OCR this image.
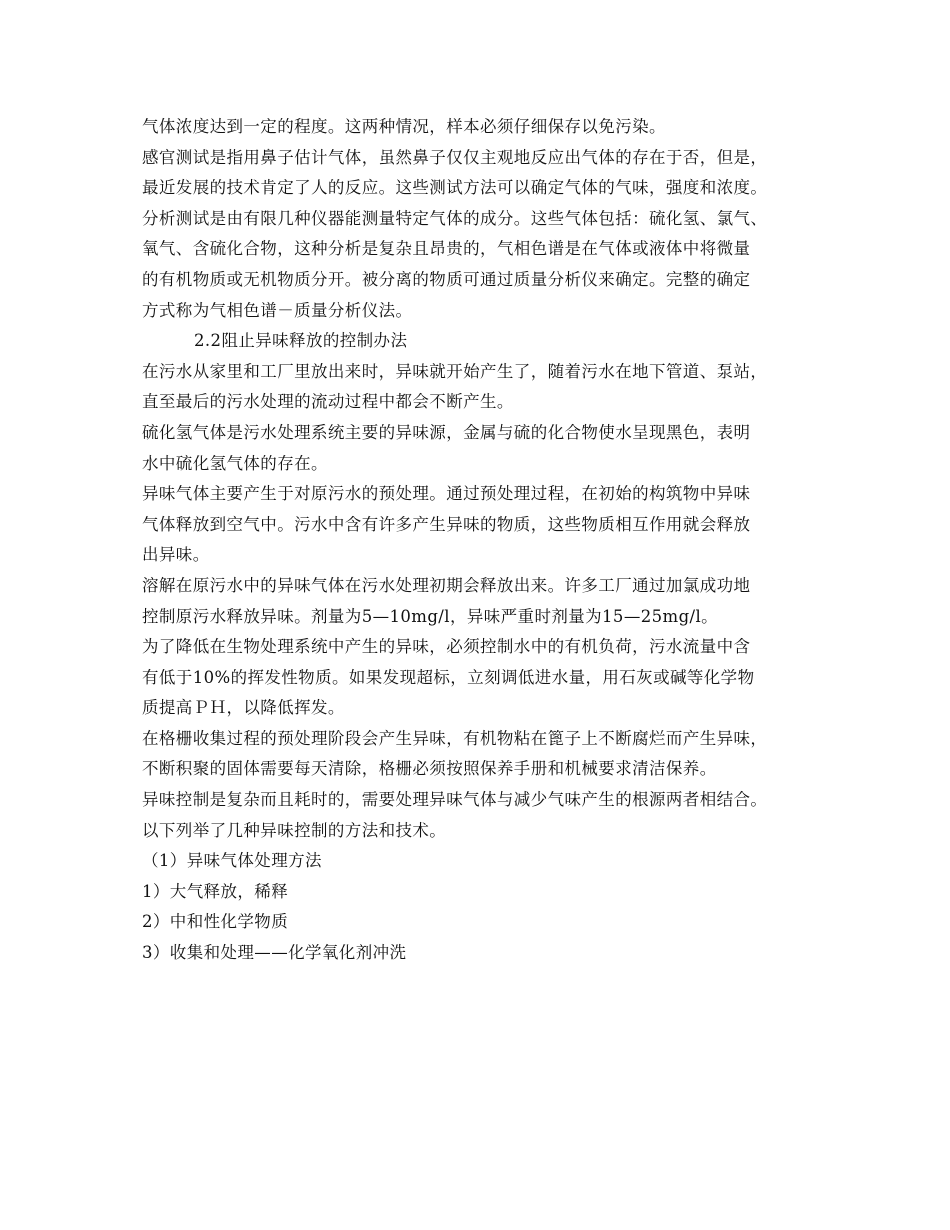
气体浓度达到一定的程度。这两种情况，样本必须仔细保存以免污染。
感官测试是指用鼻子估计气体，虽然鼻子仅仅主观地反应出气体的存在于否，但是，
最近发展的技术肯定了人的反应。这些测试方法可以确定气体的气味，强度和浓度。
分析测试是由有限几种仪器能测量特定气体的成分。这些气体包括：硫化氢、氯气、
氧气、含硫化合物，这种分析是复杂且昂贵的，气相色谱是在气体或液体中将微量
的有机物质或无机物质分开。被分离的物质可通过质量分析仪来确定。完整的确定
方式称为气相色谱－质量分析仪法。
2.2阻止异味释放的控制办法
在污水从家里和工厂里放出来时，异味就开始产生了，随着污水在地下管道、泵站，
直至最后的污水处理的流动过程中都会不断产生。
硫化氢气体是污水处理系统主要的异味源，金属与硫的化合物使水呈现黑色，表明
水中硫化氢气体的存在。
异味气体主要产生于对原污水的预处理。通过预处理过程，在初始的构筑物中异味
气体释放到空气中。污水中含有许多产生异味的物质，这些物质相互作用就会释放
出异味。
溶解在原污水中的异味气体在污水处理初期会释放出来。许多工厂通过加氯成功地
控制原污水释放异味。剂量为5—10mg/l，异味严重时剂量为15—25mg/l。
为了降低在生物处理系统中产生的异味，必须控制水中的有机负荷，污水流量中含
有低于10%的挥发性物质。如果发现超标，立刻调低进水量，用石灰或碱等化学物
质提高ＰＨ，以降低挥发。
在格栅收集过程的预处理阶段会产生异味，有机物粘在篦子上不断腐烂而产生异味，
不断积聚的固体需要每天清除，格栅必须按照保养手册和机械要求清洁保养。
异味控制是复杂而且耗时的，需要处理异味气体与减少气味产生的根源两者相结合。
以下列举了几种异味控制的方法和技术。
（1）异味气体处理方法
1）大气释放，稀释
2）中和性化学物质
3）收集和处理——化学氧化剂冲洗
